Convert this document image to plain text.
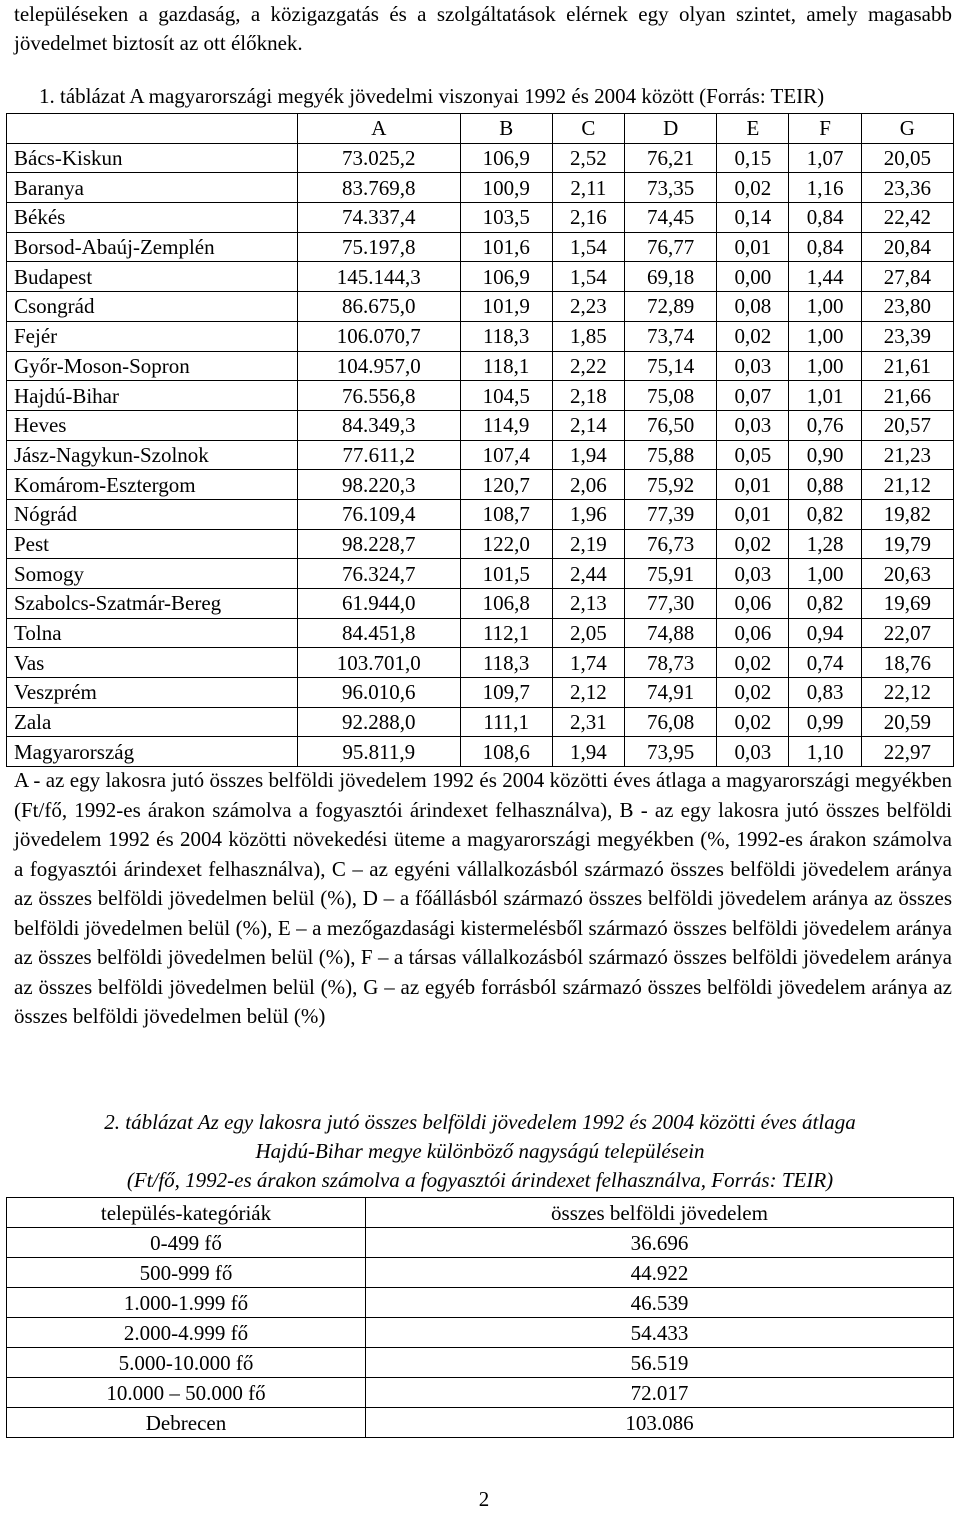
településeken a gazdaság, a közigazgatás és a szolgáltatások elérnek egy olyan szintet, amely magasabb jövedelmet biztosít az ott élőknek.
1. táblázat A magyarországi megyék jövedelmi viszonyai 1992 és 2004 között (Forrás: TEIR)
	A	B	C	D	E	F	G
Bács-Kiskun	73.025,2	106,9	2,52	76,21	0,15	1,07	20,05
Baranya	83.769,8	100,9	2,11	73,35	0,02	1,16	23,36
Békés	74.337,4	103,5	2,16	74,45	0,14	0,84	22,42
Borsod-Abaúj-Zemplén	75.197,8	101,6	1,54	76,77	0,01	0,84	20,84
Budapest	145.144,3	106,9	1,54	69,18	0,00	1,44	27,84
Csongrád	86.675,0	101,9	2,23	72,89	0,08	1,00	23,80
Fejér	106.070,7	118,3	1,85	73,74	0,02	1,00	23,39
Győr-Moson-Sopron	104.957,0	118,1	2,22	75,14	0,03	1,00	21,61
Hajdú-Bihar	76.556,8	104,5	2,18	75,08	0,07	1,01	21,66
Heves	84.349,3	114,9	2,14	76,50	0,03	0,76	20,57
Jász-Nagykun-Szolnok	77.611,2	107,4	1,94	75,88	0,05	0,90	21,23
Komárom-Esztergom	98.220,3	120,7	2,06	75,92	0,01	0,88	21,12
Nógrád	76.109,4	108,7	1,96	77,39	0,01	0,82	19,82
Pest	98.228,7	122,0	2,19	76,73	0,02	1,28	19,79
Somogy	76.324,7	101,5	2,44	75,91	0,03	1,00	20,63
Szabolcs-Szatmár-Bereg	61.944,0	106,8	2,13	77,30	0,06	0,82	19,69
Tolna	84.451,8	112,1	2,05	74,88	0,06	0,94	22,07
Vas	103.701,0	118,3	1,74	78,73	0,02	0,74	18,76
Veszprém	96.010,6	109,7	2,12	74,91	0,02	0,83	22,12
Zala	92.288,0	111,1	2,31	76,08	0,02	0,99	20,59
Magyarország	95.811,9	108,6	1,94	73,95	0,03	1,10	22,97
A - az egy lakosra jutó összes belföldi jövedelem 1992 és 2004 közötti éves átlaga a magyarországi megyékben (Ft/fő, 1992-es árakon számolva a fogyasztói árindexet felhasználva), B - az egy lakosra jutó összes belföldi jövedelem 1992 és 2004 közötti növekedési üteme a magyarországi megyékben (%, 1992-es árakon számolva a fogyasztói árindexet felhasználva), C – az egyéni vállalkozásból származó összes belföldi jövedelem aránya az összes belföldi jövedelmen belül (%), D – a főállásból származó összes belföldi jövedelem aránya az összes belföldi jövedelmen belül (%), E – a mezőgazdasági kistermelésből származó összes belföldi jövedelem aránya az összes belföldi jövedelmen belül (%), F – a társas vállalkozásból származó összes belföldi jövedelem aránya az összes belföldi jövedelmen belül (%), G – az egyéb forrásból származó összes belföldi jövedelem aránya az összes belföldi jövedelmen belül (%)
2. táblázat Az egy lakosra jutó összes belföldi jövedelem 1992 és 2004 közötti éves átlaga
Hajdú-Bihar megye különböző nagyságú településein
(Ft/fő, 1992-es árakon számolva a fogyasztói árindexet felhasználva, Forrás: TEIR)
település-kategóriák	összes belföldi jövedelem
0-499 fő	36.696
500-999 fő	44.922
1.000-1.999 fő	46.539
2.000-4.999 fő	54.433
5.000-10.000 fő	56.519
10.000 – 50.000 fő	72.017
Debrecen	103.086
2
